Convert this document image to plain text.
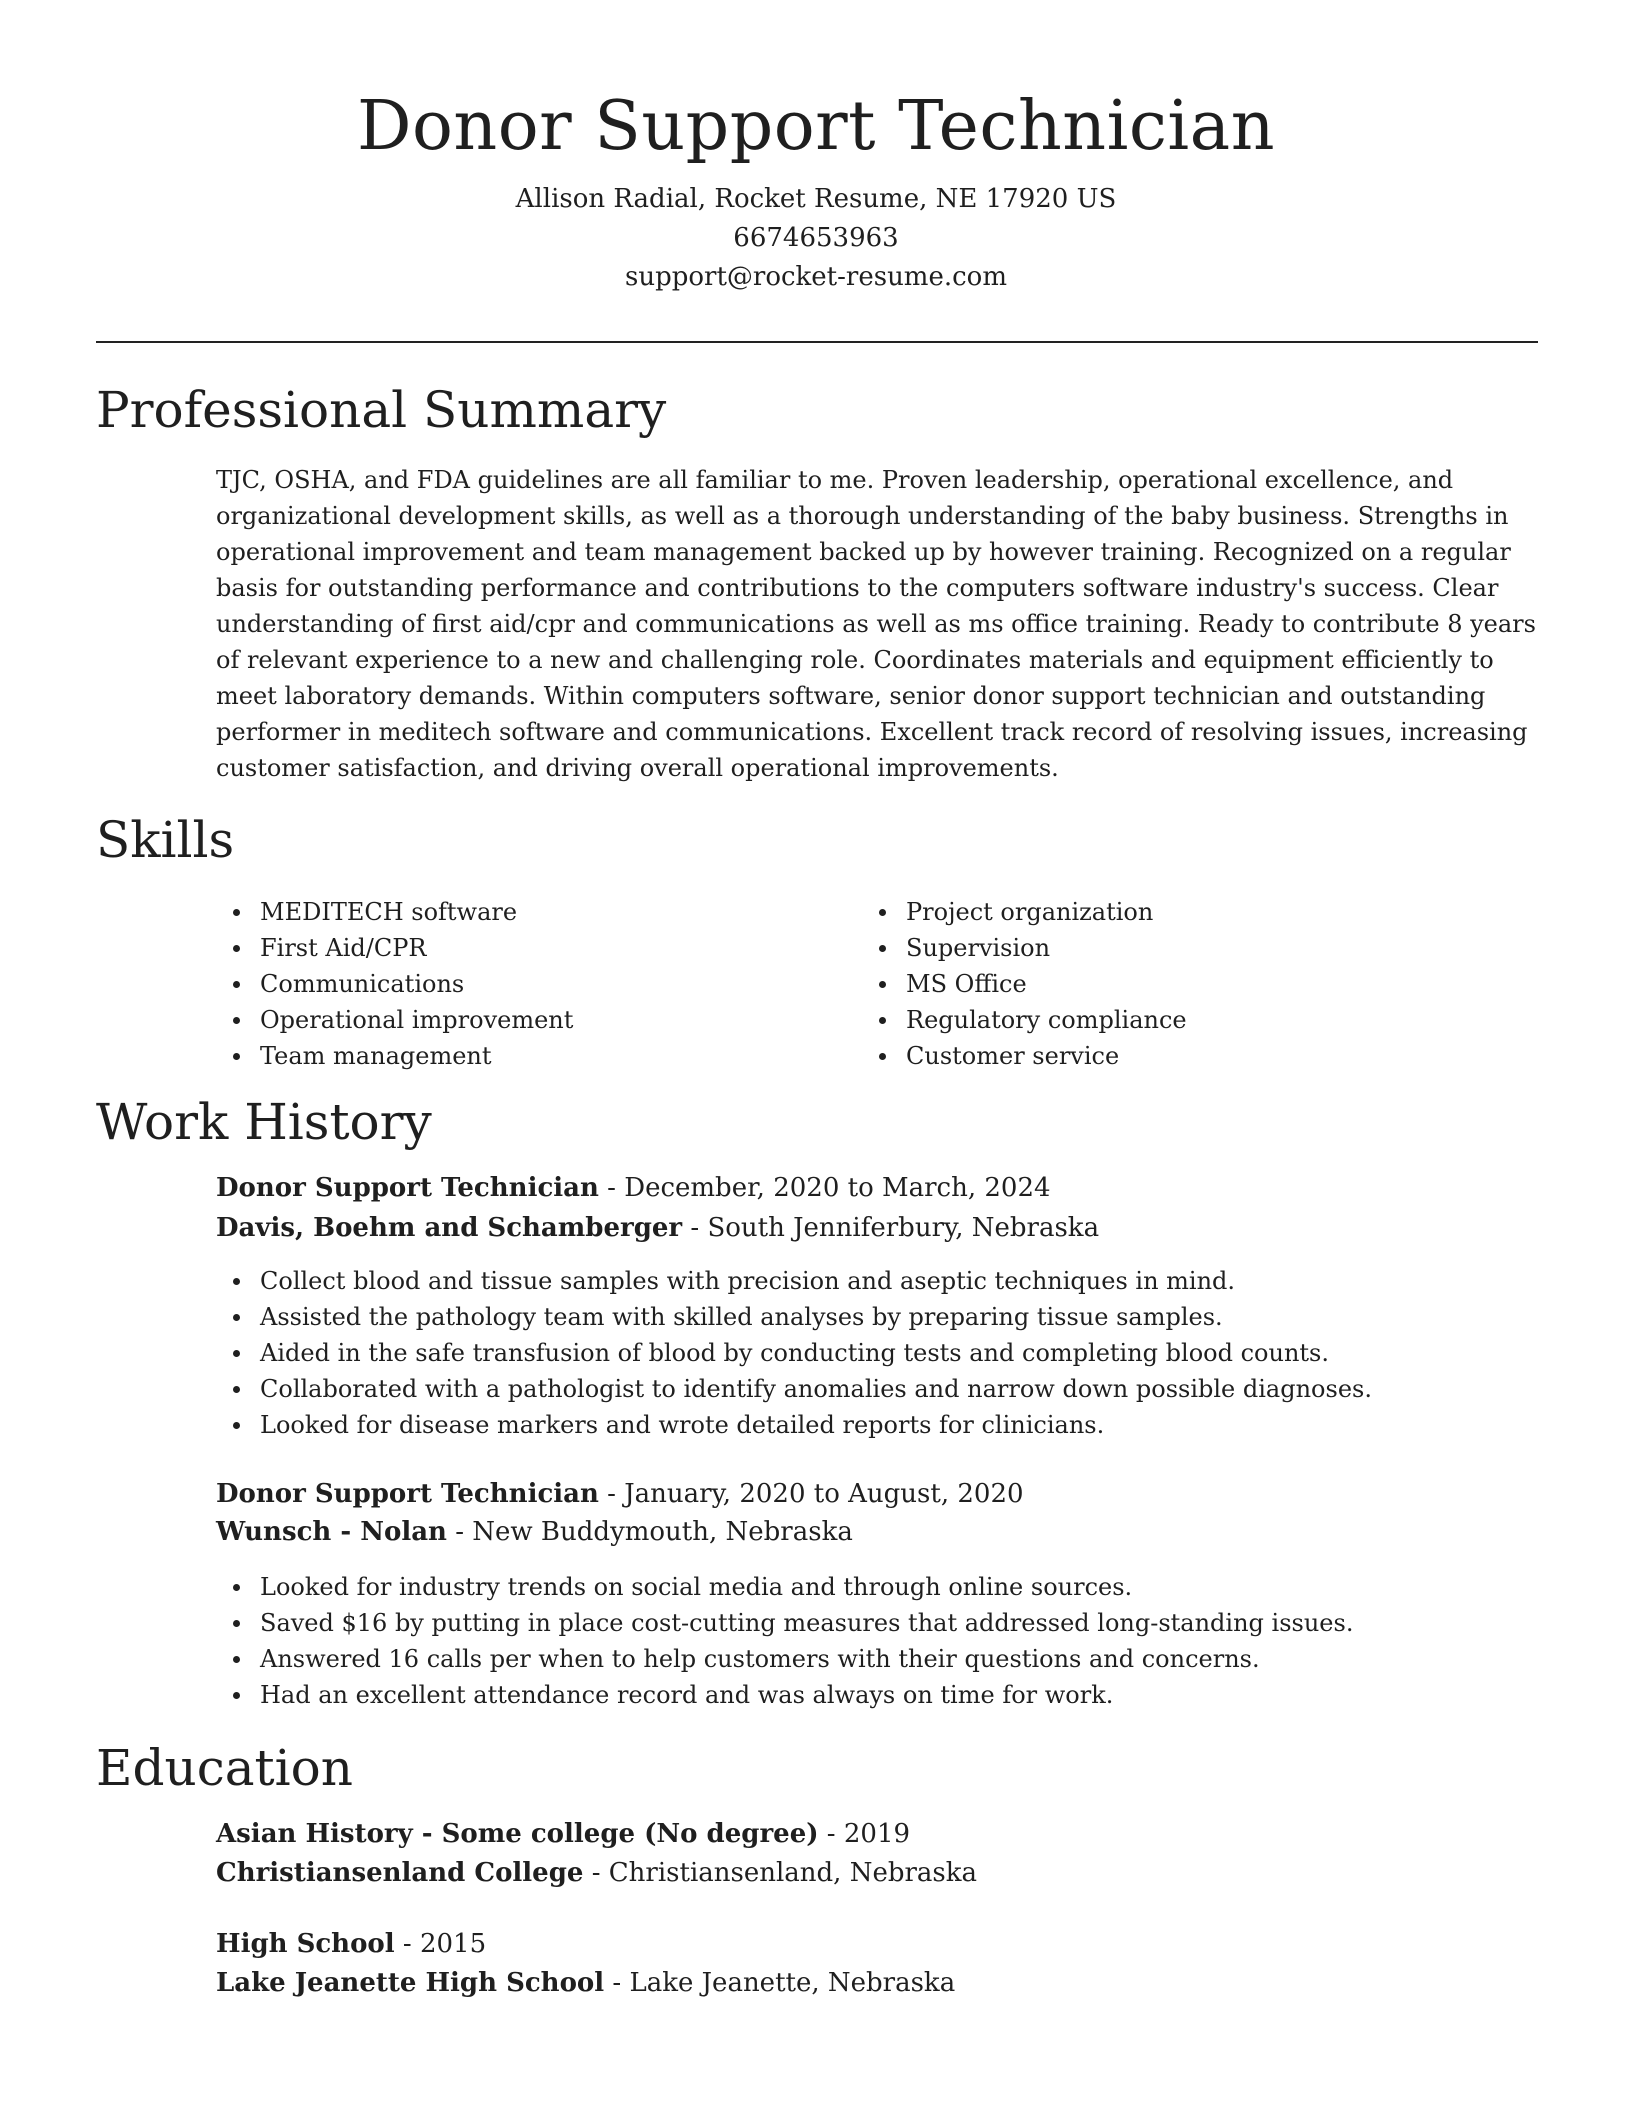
Donor Support Technician
Allison Radial, Rocket Resume, NE 17920 US
6674653963
support@rocket-resume.com
Professional Summary
TJC, OSHA, and FDA guidelines are all familiar to me. Proven leadership, operational excellence, and organizational development skills, as well as a thorough understanding of the baby business. Strengths in operational improvement and team management backed up by however training. Recognized on a regular basis for outstanding performance and contributions to the computers software industry's success. Clear understanding of first aid/cpr and communications as well as ms office training. Ready to contribute 8 years of relevant experience to a new and challenging role. Coordinates materials and equipment efficiently to meet laboratory demands. Within computers software, senior donor support technician and outstanding performer in meditech software and communications. Excellent track record of resolving issues, increasing customer satisfaction, and driving overall operational improvements.
Skills
MEDITECH software
First Aid/CPR
Communications
Operational improvement
Team management
Project organization
Supervision
MS Office
Regulatory compliance
Customer service
Work History
Donor Support Technician - December, 2020 to March, 2024
Davis, Boehm and Schamberger - South Jenniferbury, Nebraska
Collect blood and tissue samples with precision and aseptic techniques in mind.
Assisted the pathology team with skilled analyses by preparing tissue samples.
Aided in the safe transfusion of blood by conducting tests and completing blood counts.
Collaborated with a pathologist to identify anomalies and narrow down possible diagnoses.
Looked for disease markers and wrote detailed reports for clinicians.
Donor Support Technician - January, 2020 to August, 2020
Wunsch - Nolan - New Buddymouth, Nebraska
Looked for industry trends on social media and through online sources.
Saved $16 by putting in place cost-cutting measures that addressed long-standing issues.
Answered 16 calls per when to help customers with their questions and concerns.
Had an excellent attendance record and was always on time for work.
Education
Asian History - Some college (No degree) - 2019
Christiansenland College - Christiansenland, Nebraska
High School - 2015
Lake Jeanette High School - Lake Jeanette, Nebraska
